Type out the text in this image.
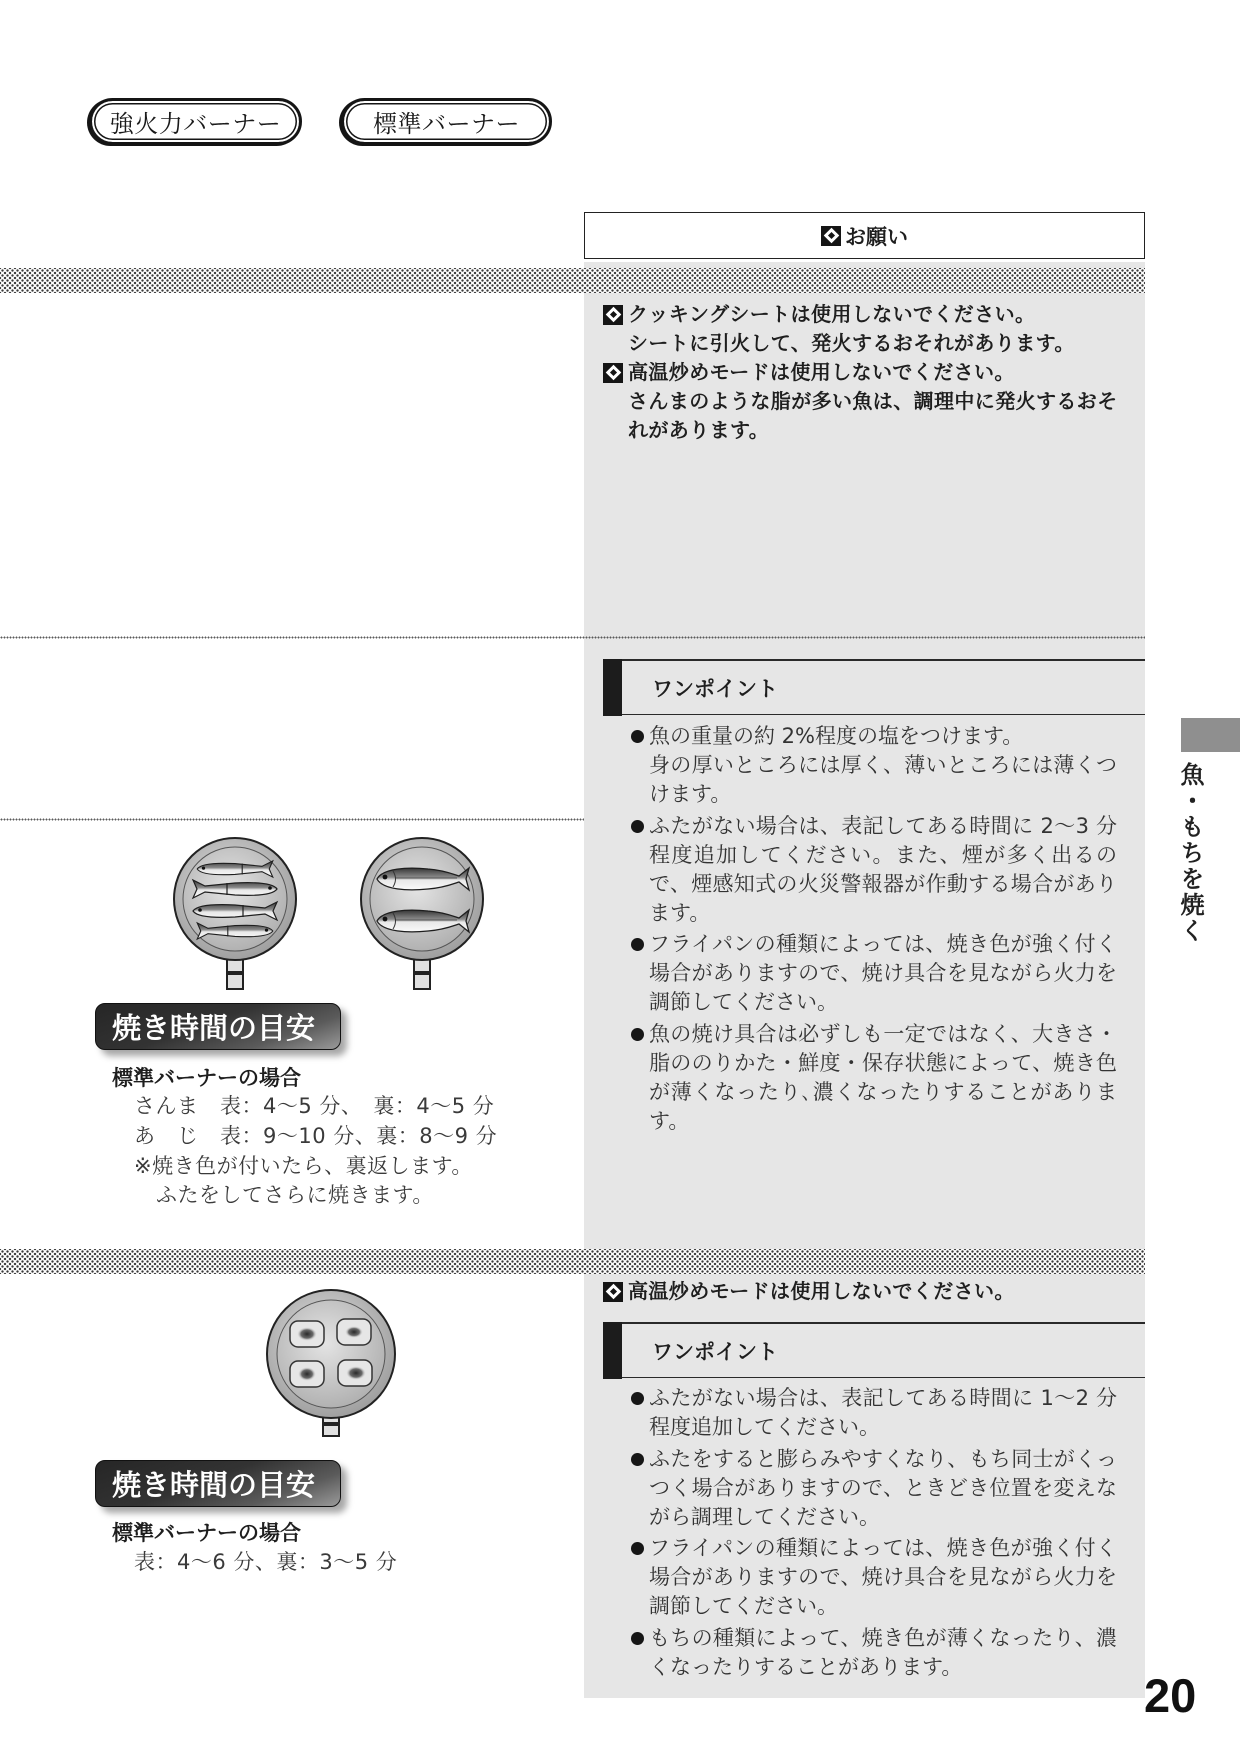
強火力バーナー	標準バーナー
お願い
クッキングシートは使用しないでください。
シートに引火して、発火するおそれがあります。
高温炒めモードは使用しないでください。
さんまのような脂が多い魚は、調理中に発火するおそれがあります。
ワンポイント
魚の重量の約 2%程度の塩をつけます。
身の厚いところには厚く、薄いところには薄くつけます。
ふたがない場合は、表記してある時間に 2～3 分程度追加してください。また、煙が多く出るので、煙感知式の火災警報器が作動する場合があります。
フライパンの種類によっては、焼き色が強く付く場合がありますので、焼け具合を見ながら火力を調節してください。
魚の焼け具合は必ずしも一定ではなく、大きさ・脂ののりかた・鮮度・保存状態によって、焼き色が薄くなったり､濃くなったりすることがあります。
焼き時間の目安
標準バーナーの場合
さんま　表：4～5 分、　裏：4～5 分
あ　じ　表：9～10 分、裏：8～9 分
※焼き色が付いたら、裏返します。
ふたをしてさらに焼きます。
高温炒めモードは使用しないでください。
ワンポイント
ふたがない場合は、表記してある時間に 1～2 分程度追加してください。
ふたをすると膨らみやすくなり、もち同士がくっつく場合がありますので、ときどき位置を変えながら調理してください。
フライパンの種類によっては、焼き色が強く付く場合がありますので、焼け具合を見ながら火力を調節してください。
もちの種類によって、焼き色が薄くなったり、濃くなったりすることがあります。
焼き時間の目安
標準バーナーの場合
表：4～6 分、裏：3～5 分
魚・もちを焼く
20
